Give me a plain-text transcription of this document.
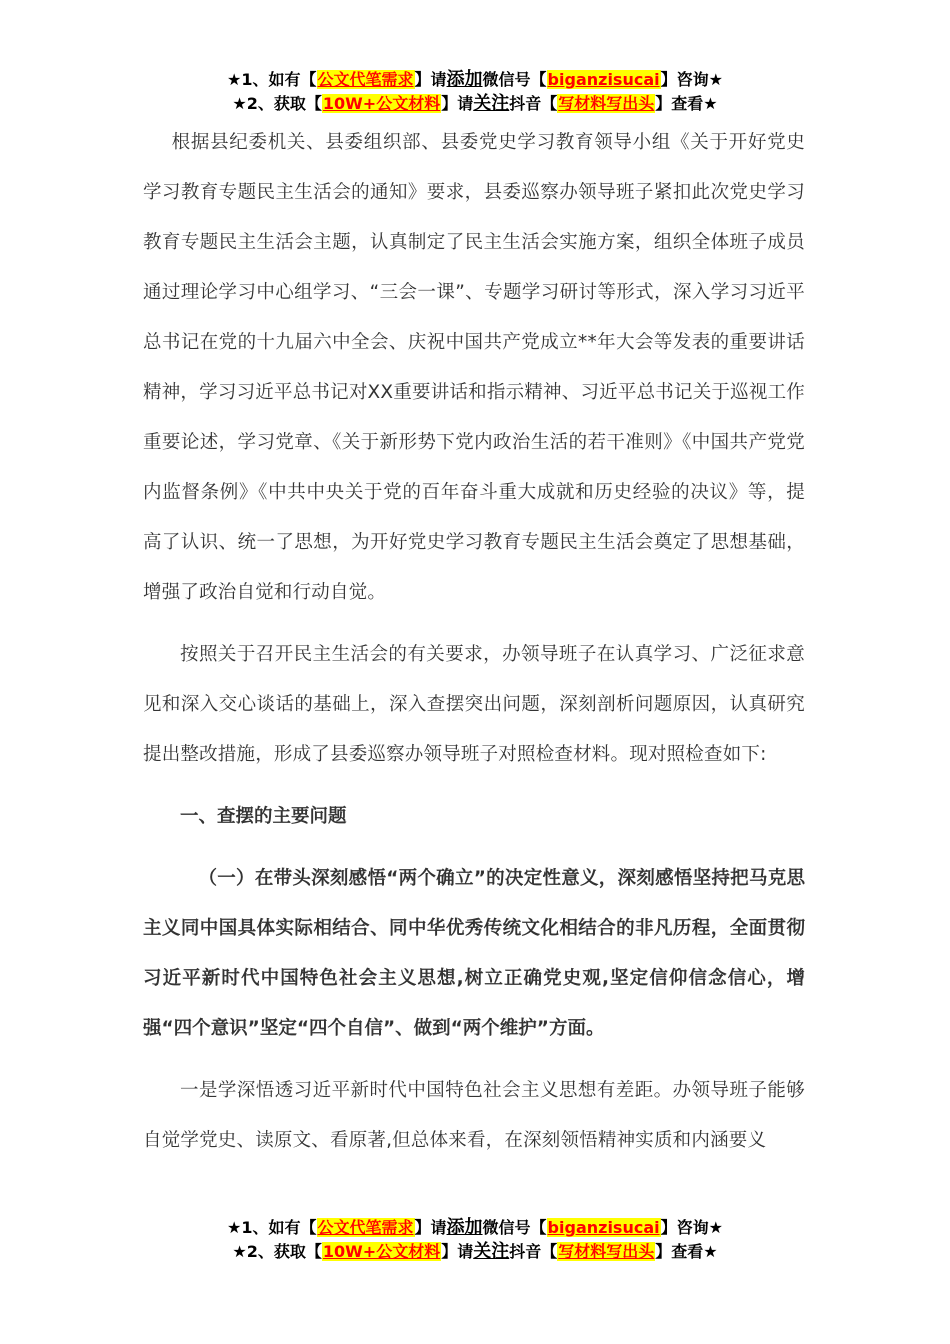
★1、如有【公文代笔需求】请添加微信号【biganzisucai】咨询★
★2、获取【10W+公文材料】请关注抖音【写材料写出头】查看★

根据县纪委机关、县委组织部、县委党史学习教育领导小组《关于开好党史学习教育专题民主生活会的通知》要求，县委巡察办领导班子紧扣此次党史学习教育专题民主生活会主题，认真制定了民主生活会实施方案，组织全体班子成员通过理论学习中心组学习、“三会一课”、专题学习研讨等形式，深入学习习近平总书记在党的十九届六中全会、庆祝中国共产党成立**年大会等发表的重要讲话精神，学习习近平总书记对XX重要讲话和指示精神、习近平总书记关于巡视工作重要论述，学习党章、《关于新形势下党内政治生活的若干准则》《中国共产党党内监督条例》《中共中央关于党的百年奋斗重大成就和历史经验的决议》等，提高了认识、统一了思想，为开好党史学习教育专题民主生活会奠定了思想基础，增强了政治自觉和行动自觉。

按照关于召开民主生活会的有关要求，办领导班子在认真学习、广泛征求意见和深入交心谈话的基础上，深入查摆突出问题，深刻剖析问题原因，认真研究提出整改措施，形成了县委巡察办领导班子对照检查材料。现对照检查如下:

一、查摆的主要问题

（一）在带头深刻感悟“两个确立”的决定性意义，深刻感悟坚持把马克思主义同中国具体实际相结合、同中华优秀传统文化相结合的非凡历程，全面贯彻习近平新时代中国特色社会主义思想,树立正确党史观,坚定信仰信念信心，增强“四个意识”坚定“四个自信”、做到“两个维护”方面。

一是学深悟透习近平新时代中国特色社会主义思想有差距。办领导班子能够自觉学党史、读原文、看原著,但总体来看，在深刻领悟精神实质和内涵要义

★1、如有【公文代笔需求】请添加微信号【biganzisucai】咨询★
★2、获取【10W+公文材料】请关注抖音【写材料写出头】查看★
